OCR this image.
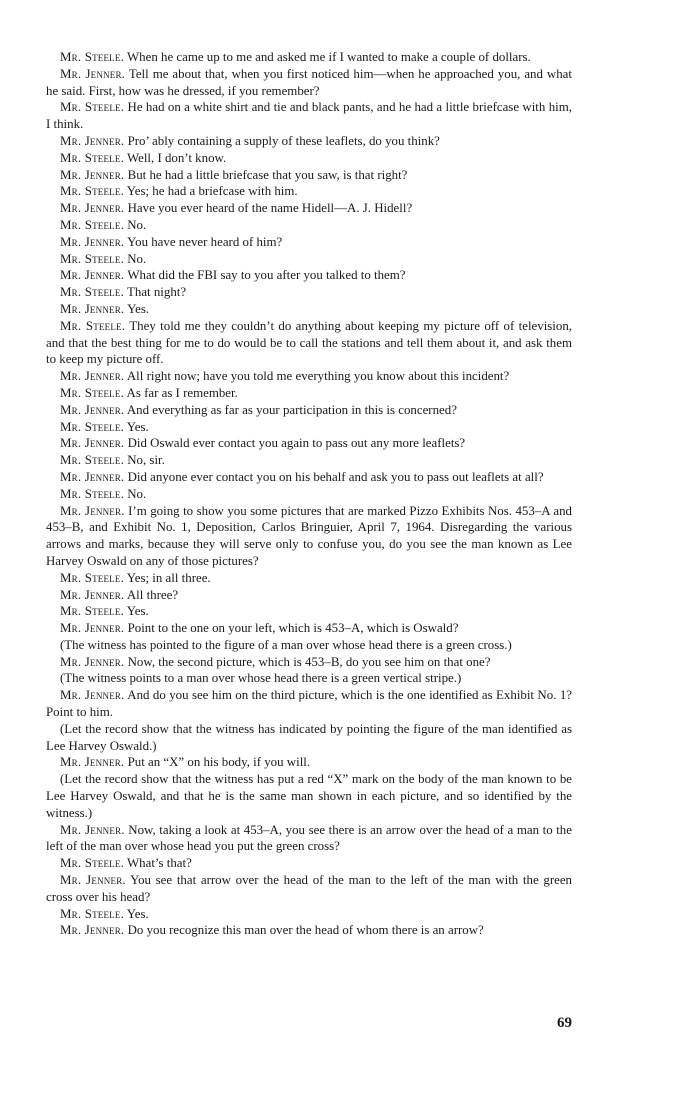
Mr. Steele. When he came up to me and asked me if I wanted to make a couple of dollars.

Mr. Jenner. Tell me about that, when you first noticed him—when he approached you, and what he said. First, how was he dressed, if you remember?

Mr. Steele. He had on a white shirt and tie and black pants, and he had a little briefcase with him, I think.

Mr. Jenner. Pro’ ably containing a supply of these leaflets, do you think?

Mr. Steele. Well, I don’t know.

Mr. Jenner. But he had a little briefcase that you saw, is that right?

Mr. Steele. Yes; he had a briefcase with him.

Mr. Jenner. Have you ever heard of the name Hidell—A. J. Hidell?

Mr. Steele. No.

Mr. Jenner. You have never heard of him?

Mr. Steele. No.

Mr. Jenner. What did the FBI say to you after you talked to them?

Mr. Steele. That night?

Mr. Jenner. Yes.

Mr. Steele. They told me they couldn’t do anything about keeping my picture off of television, and that the best thing for me to do would be to call the stations and tell them about it, and ask them to keep my picture off.

Mr. Jenner. All right now; have you told me everything you know about this incident?

Mr. Steele. As far as I remember.

Mr. Jenner. And everything as far as your participation in this is concerned?

Mr. Steele. Yes.

Mr. Jenner. Did Oswald ever contact you again to pass out any more leaflets?

Mr. Steele. No, sir.

Mr. Jenner. Did anyone ever contact you on his behalf and ask you to pass out leaflets at all?

Mr. Steele. No.

Mr. Jenner. I’m going to show you some pictures that are marked Pizzo Exhibits Nos. 453–A and 453–B, and Exhibit No. 1, Deposition, Carlos Bringuier, April 7, 1964. Disregarding the various arrows and marks, because they will serve only to confuse you, do you see the man known as Lee Harvey Oswald on any of those pictures?

Mr. Steele. Yes; in all three.

Mr. Jenner. All three?

Mr. Steele. Yes.

Mr. Jenner. Point to the one on your left, which is 453–A, which is Oswald?

(The witness has pointed to the figure of a man over whose head there is a green cross.)

Mr. Jenner. Now, the second picture, which is 453–B, do you see him on that one?

(The witness points to a man over whose head there is a green vertical stripe.)

Mr. Jenner. And do you see him on the third picture, which is the one identified as Exhibit No. 1? Point to him.

(Let the record show that the witness has indicated by pointing the figure of the man identified as Lee Harvey Oswald.)

Mr. Jenner. Put an “X” on his body, if you will.

(Let the record show that the witness has put a red “X” mark on the body of the man known to be Lee Harvey Oswald, and that he is the same man shown in each picture, and so identified by the witness.)

Mr. Jenner. Now, taking a look at 453–A, you see there is an arrow over the head of a man to the left of the man over whose head you put the green cross?

Mr. Steele. What’s that?

Mr. Jenner. You see that arrow over the head of the man to the left of the man with the green cross over his head?

Mr. Steele. Yes.

Mr. Jenner. Do you recognize this man over the head of whom there is an arrow?

69
